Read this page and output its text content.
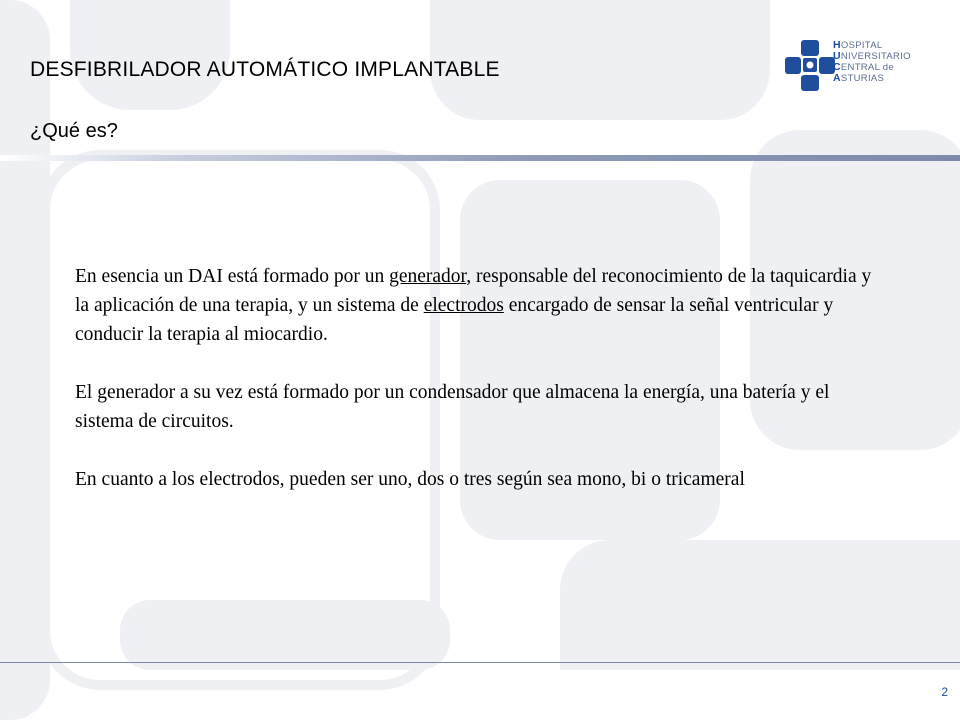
DESFIBRILADOR AUTOMÁTICO IMPLANTABLE
¿Qué es?
HOSPITAL
UNIVERSITARIO
CENTRAL de
ASTURIAS

En esencia un DAI está formado por un generador, responsable del reconocimiento de la taquicardia y la aplicación de una terapia, y un sistema de electrodos encargado de sensar la señal ventricular y conducir la terapia al miocardio.

El generador a su vez está formado por un condensador que almacena la energía, una batería y el sistema de circuitos.

En cuanto a los electrodos, pueden ser uno, dos o tres según sea mono, bi o tricameral

2
